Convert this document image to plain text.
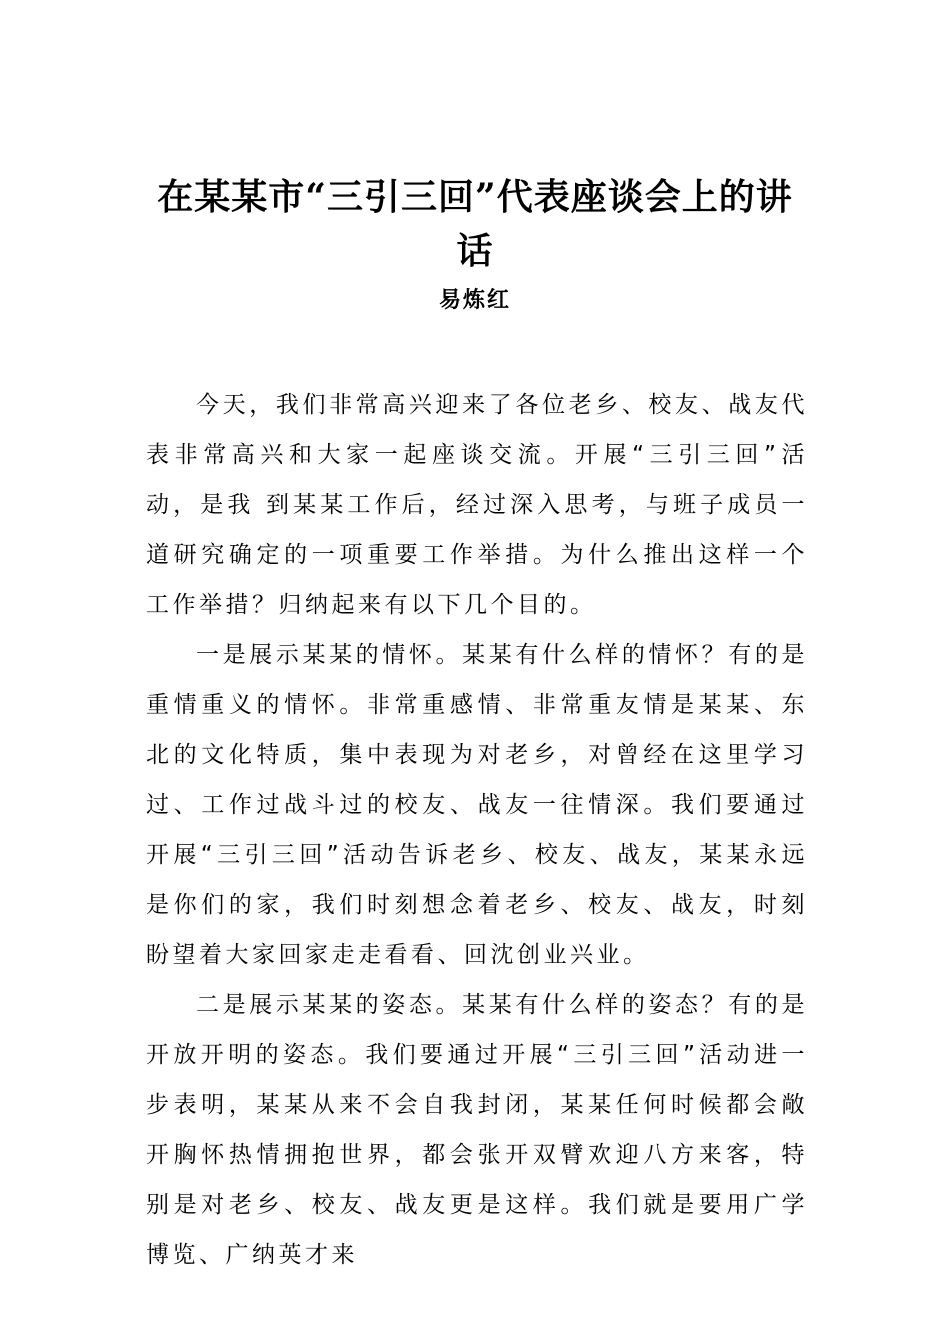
在某某市“三引三回”代表座谈会上的讲话
易炼红

今天，我们非常高兴迎来了各位老乡、校友、战友代表非常高兴和大家一起座谈交流。开展“三引三回”活动，是我 到某某工作后，经过深入思考，与班子成员一道研究确定的一项重要工作举措。为什么推出这样一个工作举措？归纳起来有以下几个目的。

一是展示某某的情怀。某某有什么样的情怀？有的是重情重义的情怀。非常重感情、非常重友情是某某、东北的文化特质，集中表现为对老乡，对曾经在这里学习过、工作过战斗过的校友、战友一往情深。我们要通过开展“三引三回”活动告诉老乡、校友、战友，某某永远是你们的家，我们时刻想念着老乡、校友、战友，时刻盼望着大家回家走走看看、回沈创业兴业。

二是展示某某的姿态。某某有什么样的姿态？有的是开放开明的姿态。我们要通过开展“三引三回”活动进一步表明，某某从来不会自我封闭，某某任何时候都会敞开胸怀热情拥抱世界，都会张开双臂欢迎八方来客，特别是对老乡、校友、战友更是这样。我们就是要用广学博览、广纳英才来
